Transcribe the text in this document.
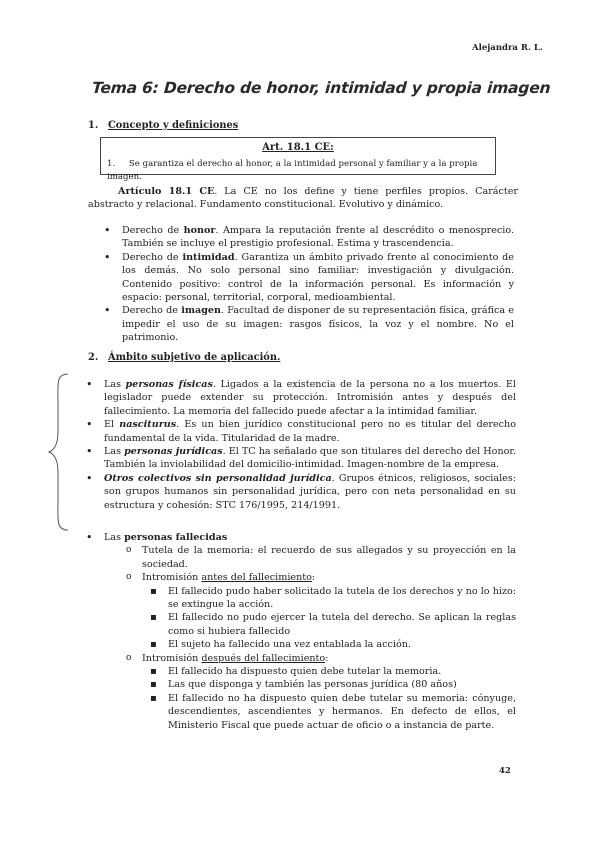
Alejandra R. L.
Tema 6: Derecho de honor, intimidad y propia imagen
1. Concepto y definiciones
Art. 18.1 CE:
1. Se garantiza el derecho al honor, a la intimidad personal y familiar y a la propia imagen.
Artículo 18.1 CE. La CE no los define y tiene perfiles propios. Carácter abstracto y relacional. Fundamento constitucional. Evolutivo y dinámico.
• Derecho de honor. Ampara la reputación frente al descrédito o menosprecio. También se incluye el prestigio profesional. Estima y trascendencia.
• Derecho de intimidad. Garantiza un ámbito privado frente al conocimiento de los demás. No solo personal sino familiar: investigación y divulgación. Contenido positivo: control de la información personal. Es información y espacio: personal, territorial, corporal, medioambiental.
• Derecho de imagen. Facultad de disponer de su representación física, gráfica e impedir el uso de su imagen: rasgos físicos, la voz y el nombre. No el patrimonio.
2. Ámbito subjetivo de aplicación.
• Las personas físicas. Ligados a la existencia de la persona no a los muertos. El legislador puede extender su protección. Intromisión antes y después del fallecimiento. La memoria del fallecido puede afectar a la intimidad familiar.
• El nasciturus. Es un bien jurídico constitucional pero no es titular del derecho fundamental de la vida. Titularidad de la madre.
• Las personas jurídicas. El TC ha señalado que son titulares del derecho del Honor. También la inviolabilidad del domicilio-intimidad. Imagen-nombre de la empresa.
• Otros colectivos sin personalidad jurídica. Grupos étnicos, religiosos, sociales: son grupos humanos sin personalidad jurídica, pero con neta personalidad en su estructura y cohesión: STC 176/1995, 214/1991.
• Las personas fallecidas
o Tutela de la memoria: el recuerdo de sus allegados y su proyección en la sociedad.
o Intromisión antes del fallecimiento:
▪ El fallecido pudo haber solicitado la tutela de los derechos y no lo hizo: se extingue la acción.
▪ El fallecido no pudo ejercer la tutela del derecho. Se aplican la reglas como si hubiera fallecido
▪ El sujeto ha fallecido una vez entablada la acción.
o Intromisión después del fallecimiento:
▪ El fallecido ha dispuesto quien debe tutelar la memoria.
▪ Las que disponga y también las personas jurídica (80 años)
▪ El fallecido no ha dispuesto quien debe tutelar su memoria: cónyuge, descendientes, ascendientes y hermanos. En defecto de ellos, el Ministerio Fiscal que puede actuar de oficio o a instancia de parte.
42
